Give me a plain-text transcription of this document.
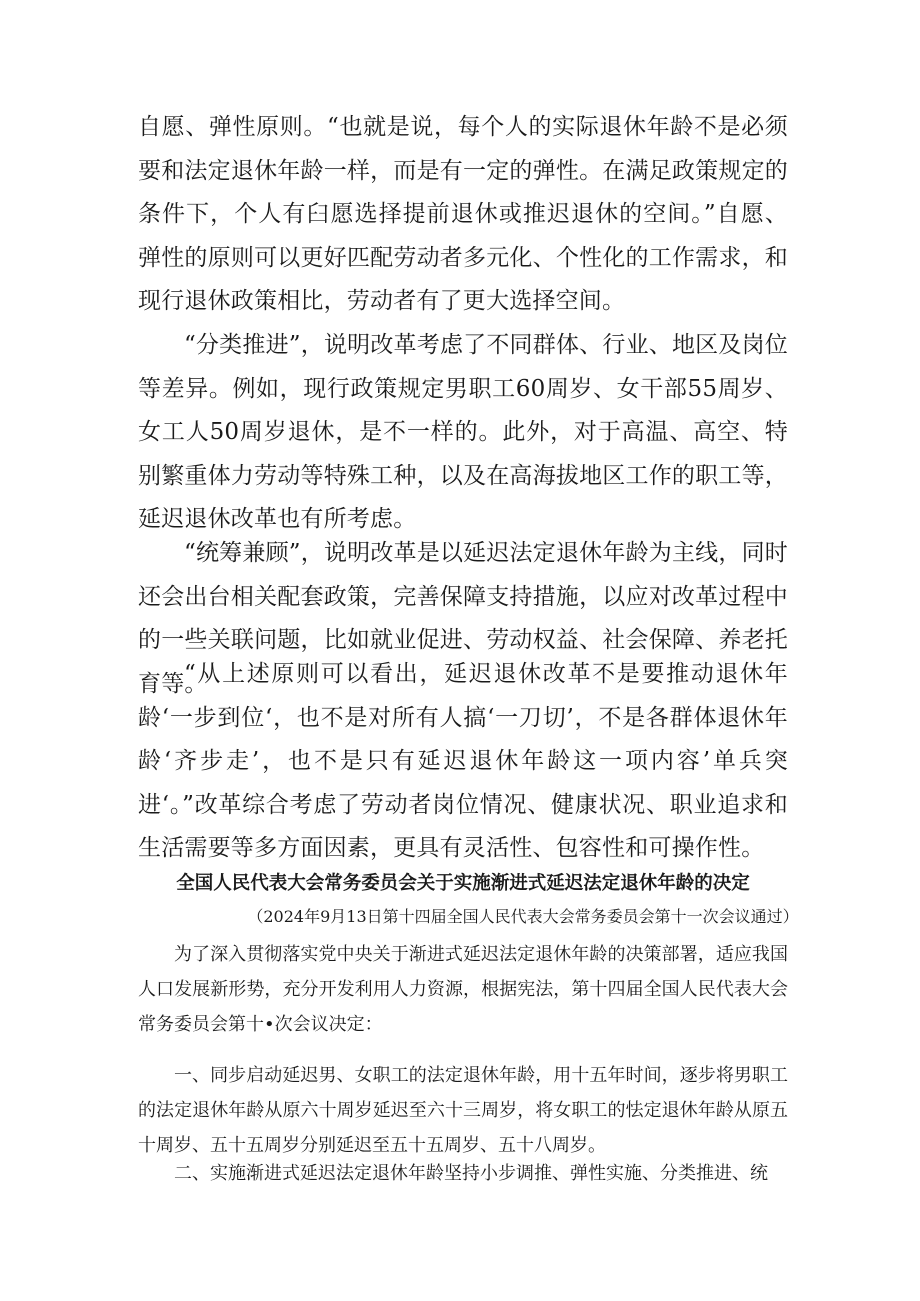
自愿、弹性原则。“也就是说，每个人的实际退休年龄不是必须要和法定退休年龄一样，而是有一定的弹性。在满足政策规定的条件下，个人有臼愿选择提前退休或推迟退休的空间。”自愿、弹性的原则可以更好匹配劳动者多元化、个性化的工作需求，和现行退休政策相比，劳动者有了更大选择空间。

“分类推进”，说明改革考虑了不同群体、行业、地区及岗位等差异。例如，现行政策规定男职工60周岁、女干部55周岁、女工人50周岁退休，是不一样的。此外，对于高温、高空、特别繁重体力劳动等特殊工种，以及在高海拔地区工作的职工等，延迟退休改革也有所考虑。

“统筹兼顾”，说明改革是以延迟法定退休年龄为主线，同时还会出台相关配套政策，完善保障支持措施，以应对改革过程中的一些关联问题，比如就业促进、劳动权益、社会保障、养老托育等。

“从上述原则可以看出，延迟退休改革不是要推动退休年龄‘一步到位‘，也不是对所有人搞‘一刀切’，不是各群体退休年龄‘齐步走’，也不是只有延迟退休年龄这一项内容’单兵突进‘。”改革综合考虑了劳动者岗位情况、健康状况、职业追求和生活需要等多方面因素，更具有灵活性、包容性和可操作性。

全国人民代表大会常务委员会关于实施渐进式延迟法定退休年龄的决定

（2024年9月13日第十四届全国人民代表大会常务委员会第十一次会议通过）

为了深入贯彻落实党中央关于渐进式延迟法定退休年龄的决策部署，适应我国人口发展新形势，充分开发利用人力资源，根据宪法，第十四届全国人民代表大会常务委员会第十•次会议决定：

一、同步启动延迟男、女职工的法定退休年龄，用十五年时间，逐步将男职工的法定退休年龄从原六十周岁延迟至六十三周岁，将女职工的怯定退休年龄从原五十周岁、五十五周岁分别延迟至五十五周岁、五十八周岁。

二、实施渐进式延迟法定退休年龄坚持小步调推、弹性实施、分类推进、统
